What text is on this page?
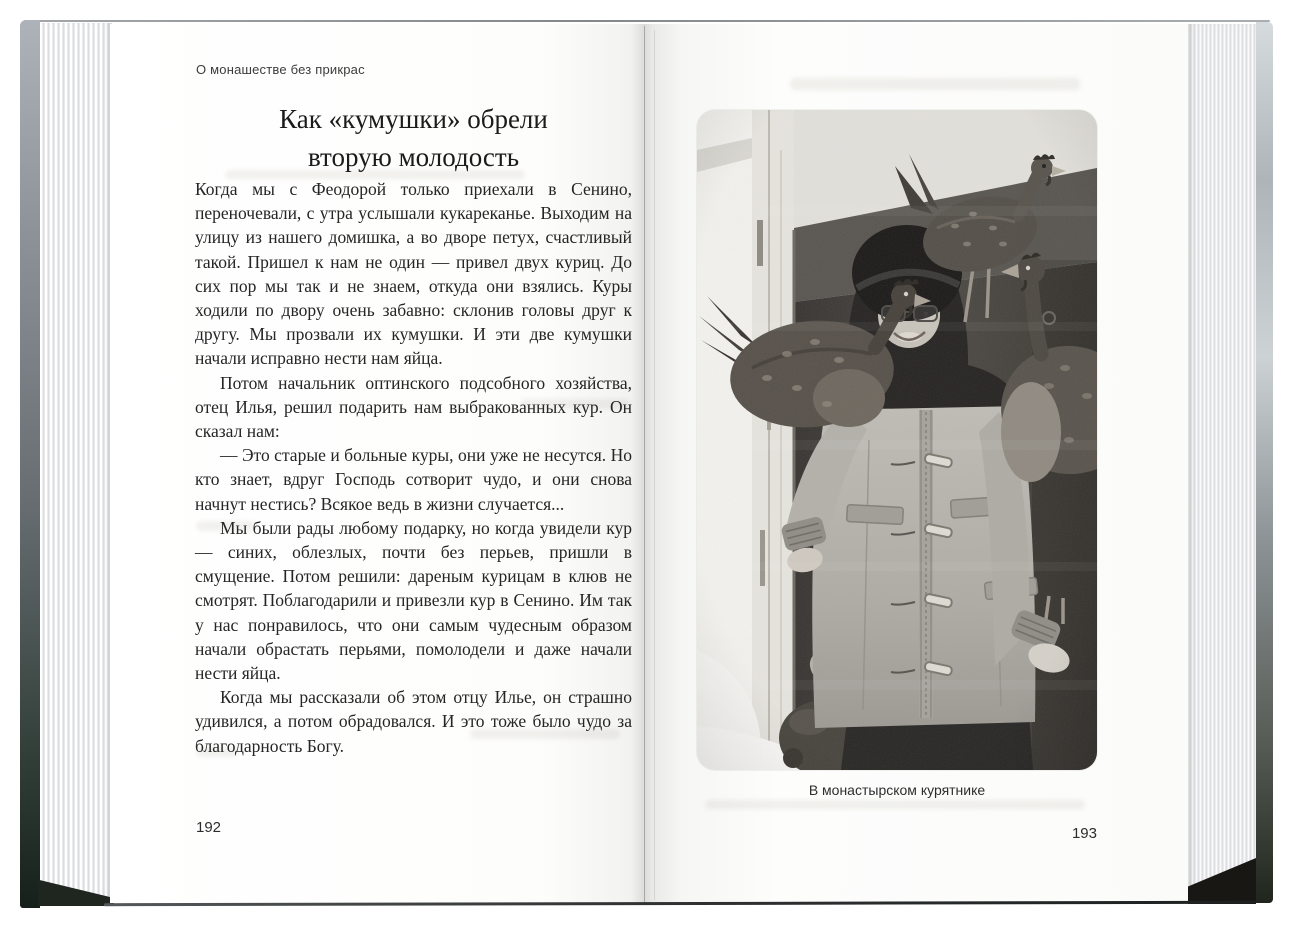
О монашестве без прикрас
Как «кумушки» обрели
вторую молодость

Когда мы с Феодорой только приехали в Сенино, переночевали, с утра услышали кукареканье. Выходим на улицу из нашего домишка, а во дворе петух, счастливый такой. Пришел к нам не один — привел двух куриц. До сих пор мы так и не знаем, откуда они взялись. Куры ходили по двору очень забавно: склонив головы друг к другу. Мы прозвали их кумушки. И эти две кумушки начали исправно нести нам яйца.

Потом начальник оптинского подсобного хозяйства, отец Илья, решил подарить нам выбракованных кур. Он сказал нам:

— Это старые и больные куры, они уже не несутся. Но кто знает, вдруг Господь сотворит чудо, и они снова начнут нестись? Всякое ведь в жизни случается...

Мы были рады любому подарку, но когда увидели кур — синих, облезлых, почти без перьев, пришли в смущение. Потом решили: дареным курицам в клюв не смотрят. Поблагодарили и привезли кур в Сенино. Им так у нас понравилось, что они самым чудесным образом начали обрастать перьями, помолодели и даже начали нести яйца.

Когда мы рассказали об этом отцу Илье, он страшно удивился, а потом обрадовался. И это тоже было чудо за благодарность Богу.

192
В монастырском курятнике
193
